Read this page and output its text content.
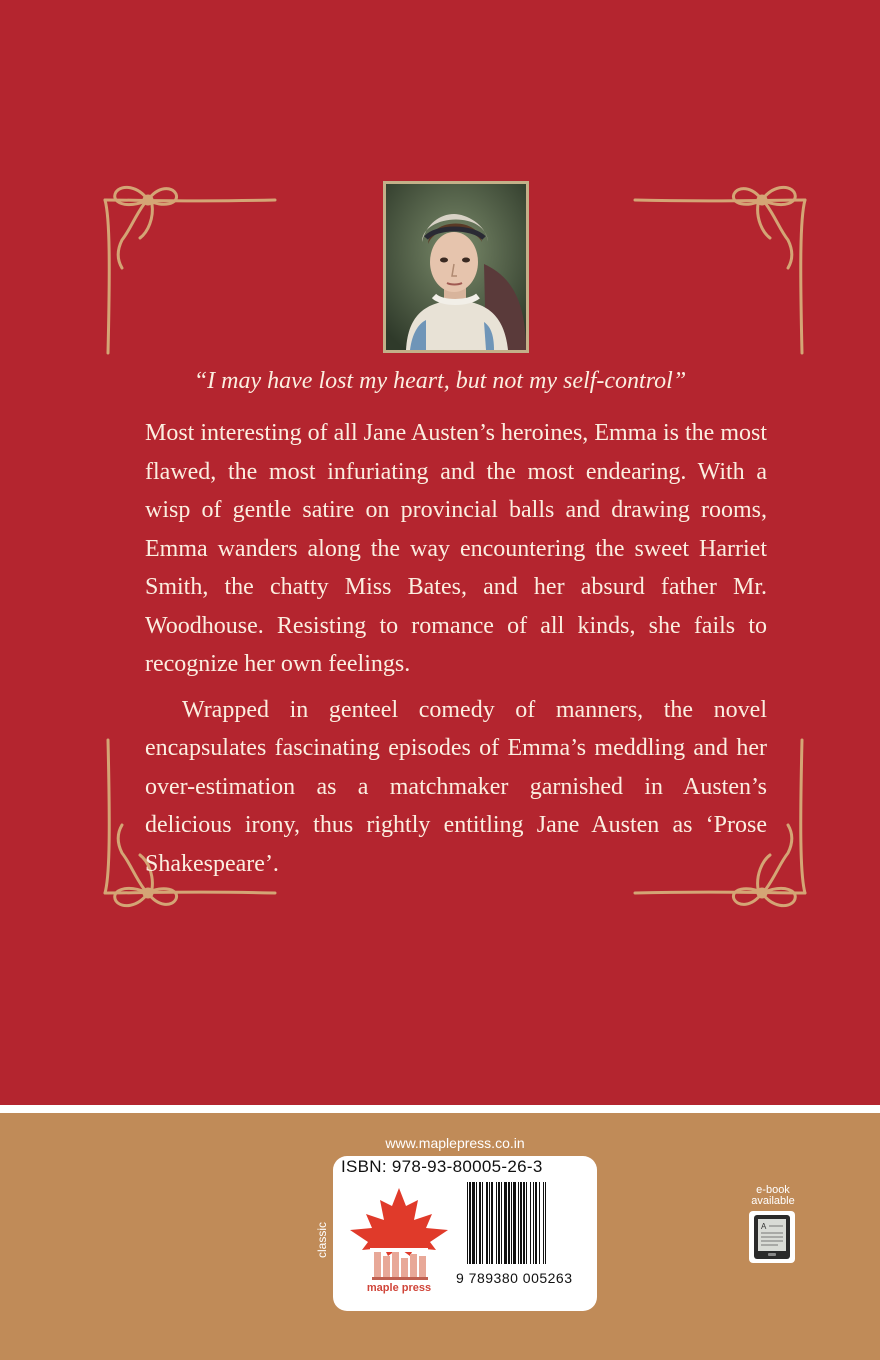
“I may have lost my heart, but not my self-control”

Most interesting of all Jane Austen’s heroines, Emma is the most flawed, the most infuriating and the most endearing. With a wisp of gentle satire on provincial balls and drawing rooms, Emma wanders along the way encountering the sweet Harriet Smith, the chatty Miss Bates, and her absurd father Mr. Woodhouse. Resisting to romance of all kinds, she fails to recognize her own feelings.

Wrapped in genteel comedy of manners, the novel encapsulates fascinating episodes of Emma’s meddling and her over-estimation as a matchmaker garnished in Austen’s delicious irony, thus rightly entitling Jane Austen as ‘Prose Shakespeare’.

www.maplepress.co.in
classic
ISBN: 978-93-80005-26-3
maple press
9 789380 005263
e-book
available
A
